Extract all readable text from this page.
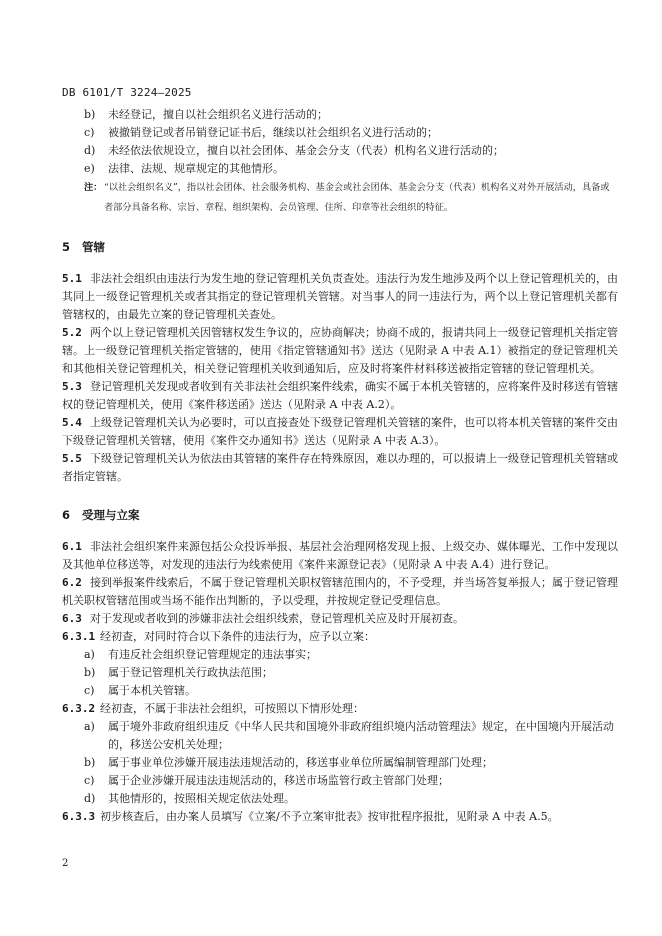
DB 6101/T 3224—2025
b) 未经登记，擅自以社会组织名义进行活动的；
c) 被撤销登记或者吊销登记证书后，继续以社会组织名义进行活动的；
d) 未经依法依规设立，擅自以社会团体、基金会分支（代表）机构名义进行活动的；
e) 法律、法规、规章规定的其他情形。
注： “以社会组织名义”，指以社会团体、社会服务机构、基金会或社会团体、基金会分支（代表）机构名义对外开展活动，具备或者部分具备名称、宗旨、章程、组织架构、会员管理、住所、印章等社会组织的特征。
5 管辖
5.1 非法社会组织由违法行为发生地的登记管理机关负责查处。违法行为发生地涉及两个以上登记管理机关的，由其同上一级登记管理机关或者其指定的登记管理机关管辖。对当事人的同一违法行为，两个以上登记管理机关都有管辖权的，由最先立案的登记管理机关查处。
5.2 两个以上登记管理机关因管辖权发生争议的，应协商解决；协商不成的，报请共同上一级登记管理机关指定管辖。上一级登记管理机关指定管辖的，使用《指定管辖通知书》送达（见附录 A 中表 A.1）被指定的登记管理机关和其他相关登记管理机关，相关登记管理机关收到通知后，应及时将案件材料移送被指定管辖的登记管理机关。
5.3 登记管理机关发现或者收到有关非法社会组织案件线索，确实不属于本机关管辖的，应将案件及时移送有管辖权的登记管理机关，使用《案件移送函》送达（见附录 A 中表 A.2）。
5.4 上级登记管理机关认为必要时，可以直接查处下级登记管理机关管辖的案件，也可以将本机关管辖的案件交由下级登记管理机关管辖，使用《案件交办通知书》送达（见附录 A 中表 A.3）。
5.5 下级登记管理机关认为依法由其管辖的案件存在特殊原因，难以办理的，可以报请上一级登记管理机关管辖或者指定管辖。
6 受理与立案
6.1 非法社会组织案件来源包括公众投诉举报、基层社会治理网格发现上报、上级交办、媒体曝光、工作中发现以及其他单位移送等，对发现的违法行为线索使用《案件来源登记表》（见附录 A 中表 A.4）进行登记。
6.2 接到举报案件线索后，不属于登记管理机关职权管辖范围内的，不予受理，并当场答复举报人；属于登记管理机关职权管辖范围或当场不能作出判断的，予以受理，并按规定登记受理信息。
6.3 对于发现或者收到的涉嫌非法社会组织线索，登记管理机关应及时开展初查。
6.3.1 经初查，对同时符合以下条件的违法行为，应予以立案：
a) 有违反社会组织登记管理规定的违法事实；
b) 属于登记管理机关行政执法范围；
c) 属于本机关管辖。
6.3.2 经初查，不属于非法社会组织，可按照以下情形处理：
a) 属于境外非政府组织违反《中华人民共和国境外非政府组织境内活动管理法》规定，在中国境内开展活动的，移送公安机关处理；
b) 属于事业单位涉嫌开展违法违规活动的，移送事业单位所属编制管理部门处理；
c) 属于企业涉嫌开展违法违规活动的，移送市场监管行政主管部门处理；
d) 其他情形的，按照相关规定依法处理。
6.3.3 初步核查后，由办案人员填写《立案/不予立案审批表》按审批程序报批，见附录 A 中表 A.5。
2
